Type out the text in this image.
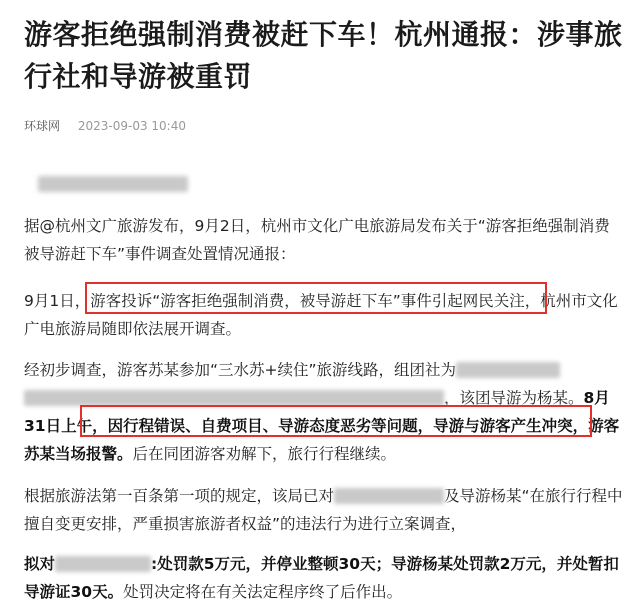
游客拒绝强制消费被赶下车！杭州通报：涉事旅行社和导游被重罚
环球网 2023-09-03 10:40
据@杭州文广旅游发布，9月2日，杭州市文化广电旅游局发布关于“游客拒绝强制消费被导游赶下车”事件调查处置情况通报：
9月1日，游客投诉“游客拒绝强制消费，被导游赶下车”事件引起网民关注，杭州市文化广电旅游局随即依法展开调查。
经初步调查，游客苏某参加“三水苏+续住”旅游线路，组团社为，该团导游为杨某。8月31日上午，因行程错误、自费项目、导游态度恶劣等问题，导游与游客产生冲突，游客苏某当场报警。后在同团游客劝解下，旅行行程继续。
根据旅游法第一百条第一项的规定，该局已对	及导游杨某“在旅行行程中擅自变更安排，严重损害旅游者权益”的违法行为进行立案调查，
拟对	:处罚款5万元，并停业整顿30天；导游杨某处罚款2万元，并处暂扣导游证30天。处罚决定将在有关法定程序终了后作出。
